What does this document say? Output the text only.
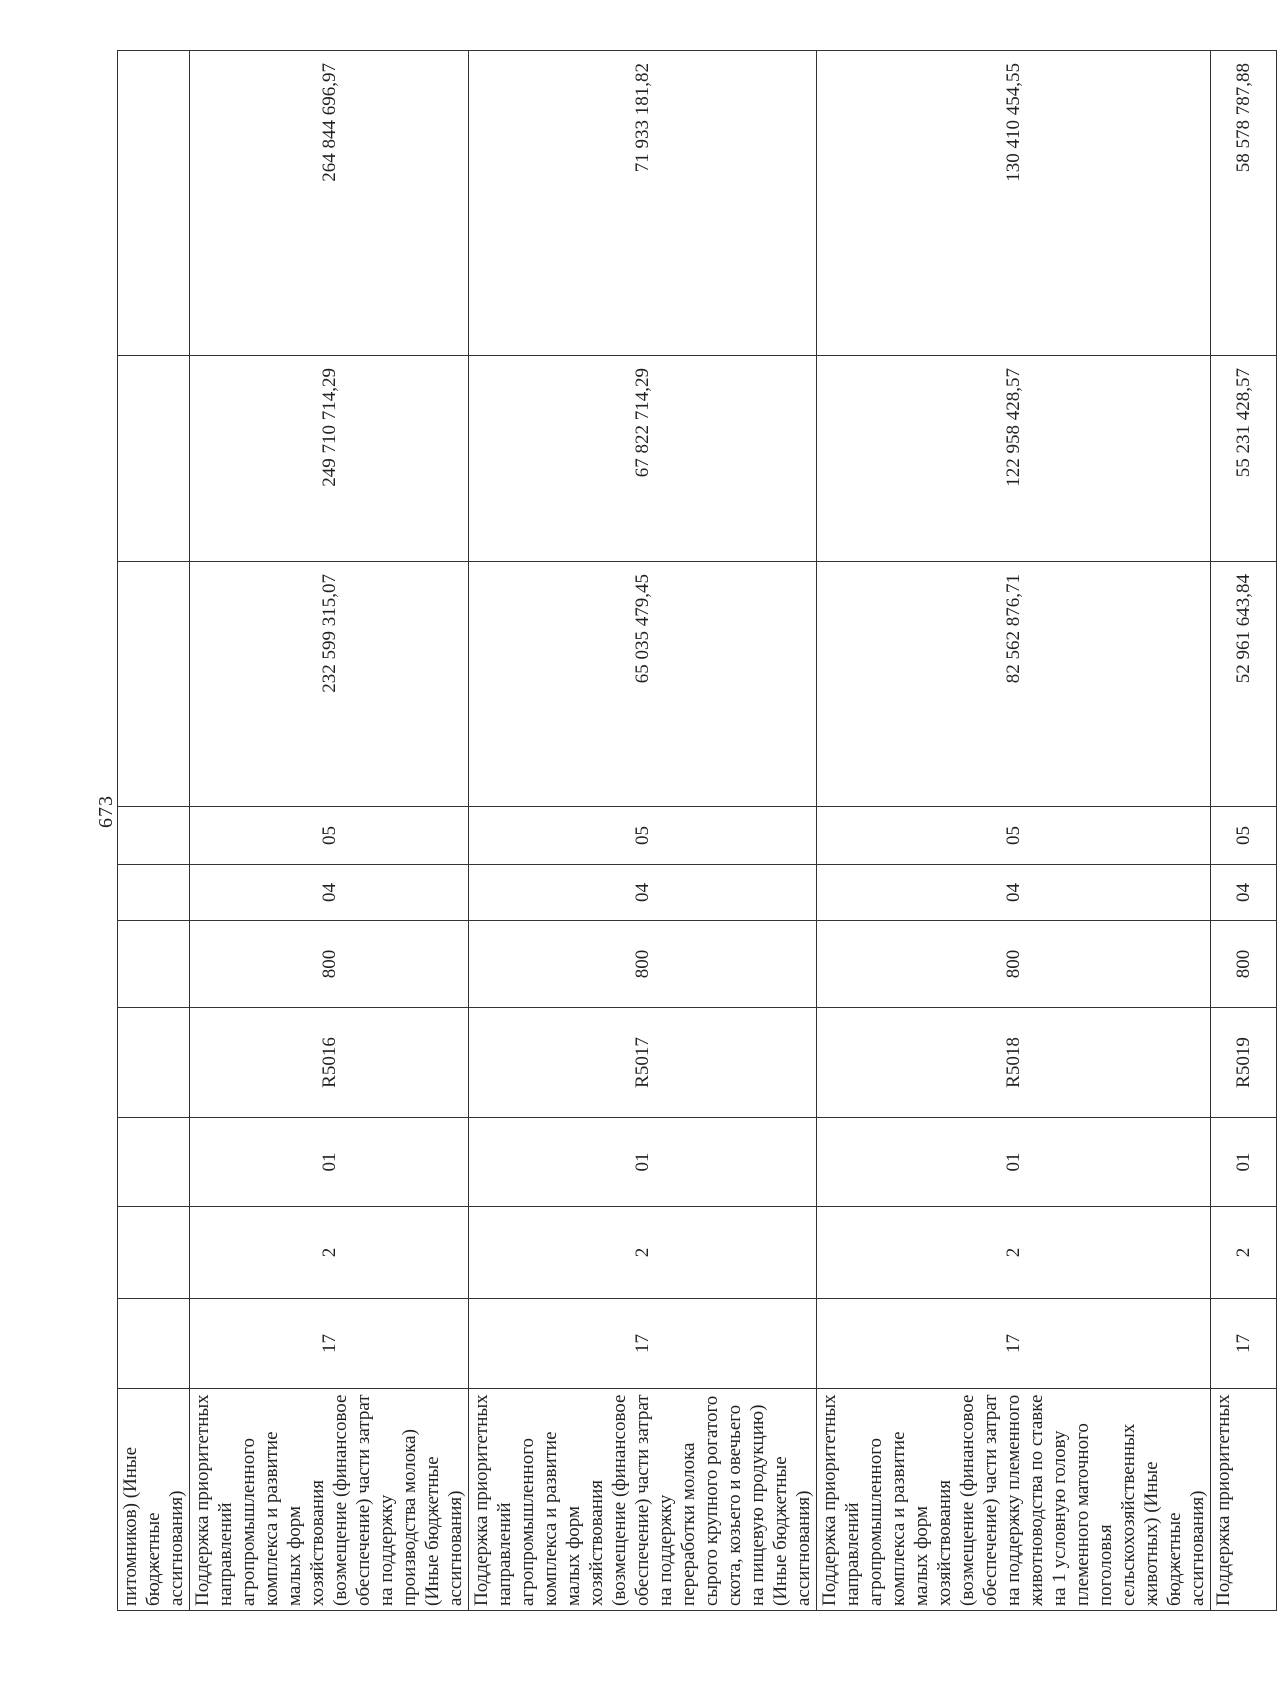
673
питомников) (Иные бюджетные ассигнования)										
Поддержка приоритетных направлений агропромышленного комплекса и развитие малых форм хозяйствования (возмещение (финансовое обеспечение) части затрат на поддержку производства молока) (Иные бюджетные ассигнования)	17	2	01	R5016	800	04	05	232 599 315,07	249 710 714,29	264 844 696,97
Поддержка приоритетных направлений агропромышленного комплекса и развитие малых форм хозяйствования (возмещение (финансовое обеспечение) части затрат на поддержку переработки молока сырого крупного рогатого скота, козьего и овечьего на пищевую продукцию) (Иные бюджетные ассигнования)	17	2	01	R5017	800	04	05	65 035 479,45	67 822 714,29	71 933 181,82
Поддержка приоритетных направлений агропромышленного комплекса и развитие малых форм хозяйствования (возмещение (финансовое обеспечение) части затрат на поддержку племенного животноводства по ставке на 1 условную голову племенного маточного поголовья сельскохозяйственных животных) (Иные бюджетные ассигнования)	17	2	01	R5018	800	04	05	82 562 876,71	122 958 428,57	130 410 454,55
Поддержка приоритетных	17	2	01	R5019	800	04	05	52 961 643,84	55 231 428,57	58 578 787,88
